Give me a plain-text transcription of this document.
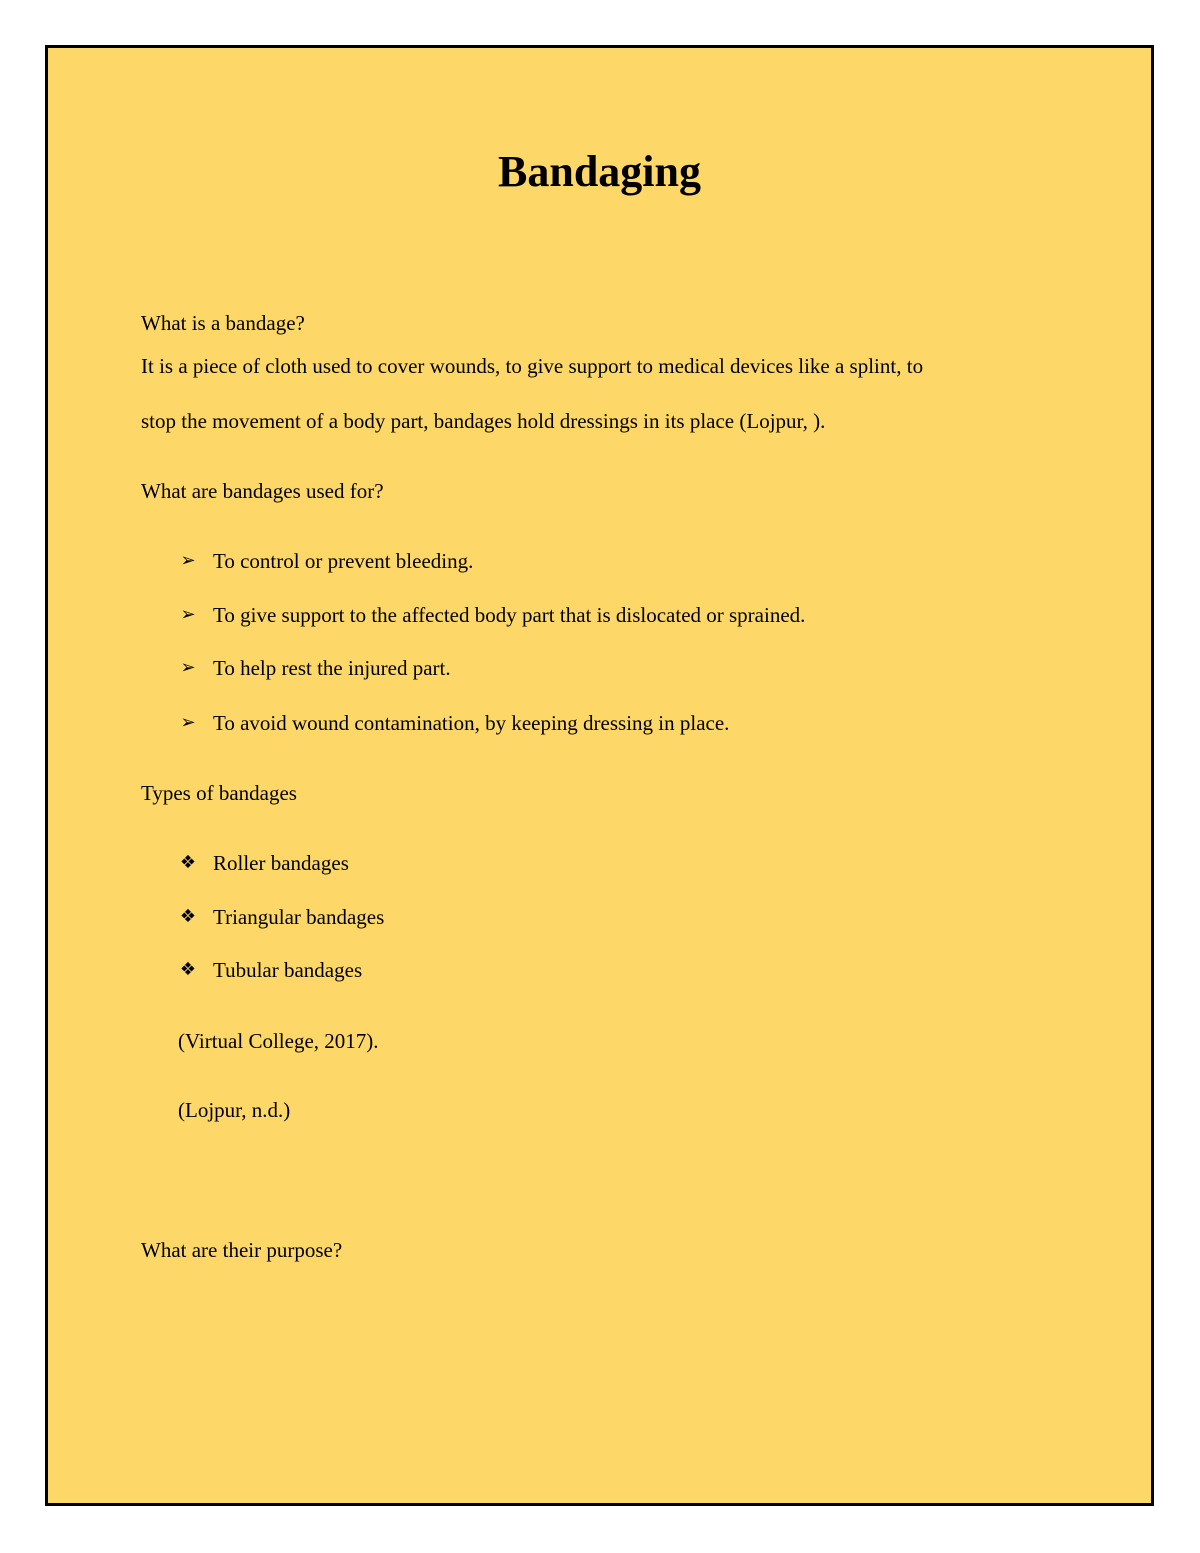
Bandaging
What is a bandage?
It is a piece of cloth used to cover wounds, to give support to medical devices like a splint, to
stop the movement of a body part, bandages hold dressings in its place (Lojpur, ).
What are bandages used for?
➢ To control or prevent bleeding.
➢ To give support to the affected body part that is dislocated or sprained.
➢ To help rest the injured part.
➢ To avoid wound contamination, by keeping dressing in place.
Types of bandages
❖ Roller bandages
❖ Triangular bandages
❖ Tubular bandages
(Virtual College, 2017).
(Lojpur, n.d.)
What are their purpose?
